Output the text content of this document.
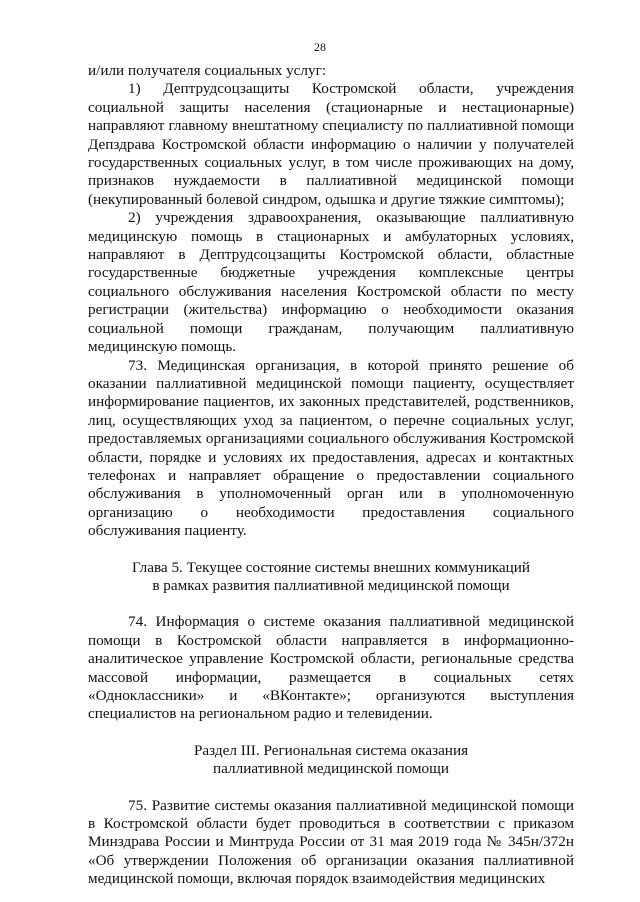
28

и/или получателя социальных услуг:

1) Дептрудсоцзащиты Костромской области, учреждения социальной защиты населения (стационарные и нестационарные) направляют главному внештатному специалисту по паллиативной помощи Депздрава Костромской области информацию о наличии у получателей государственных социальных услуг, в том числе проживающих на дому, признаков нуждаемости в паллиативной медицинской помощи (некупированный болевой синдром, одышка и другие тяжкие симптомы);

2) учреждения здравоохранения, оказывающие паллиативную медицинскую помощь в стационарных и амбулаторных условиях, направляют в Дептрудсоцзащиты Костромской области, областные государственные бюджетные учреждения комплексные центры социального обслуживания населения Костромской области по месту регистрации (жительства) информацию о необходимости оказания социальной помощи гражданам, получающим паллиативную медицинскую помощь.

73. Медицинская организация, в которой принято решение об оказании паллиативной медицинской помощи пациенту, осуществляет информирование пациентов, их законных представителей, родственников, лиц, осуществляющих уход за пациентом, о перечне социальных услуг, предоставляемых организациями социального обслуживания Костромской области, порядке и условиях их предоставления, адресах и контактных телефонах и направляет обращение о предоставлении социального обслуживания в уполномоченный орган или в уполномоченную организацию о необходимости предоставления социального обслуживания пациенту.

Глава 5. Текущее состояние системы внешних коммуникаций
в рамках развития паллиативной медицинской помощи

74. Информация о системе оказания паллиативной медицинской помощи в Костромской области направляется в информационно-аналитическое управление Костромской области, региональные средства массовой информации, размещается в социальных сетях «Одноклассники» и «ВКонтакте»; организуются выступления специалистов на региональном радио и телевидении.

Раздел III. Региональная система оказания
паллиативной медицинской помощи

75. Развитие системы оказания паллиативной медицинской помощи в Костромской области будет проводиться в соответствии с приказом Минздрава России и Минтруда России от 31 мая 2019 года № 345н/372н «Об утверждении Положения об организации оказания паллиативной медицинской помощи, включая порядок взаимодействия медицинских
